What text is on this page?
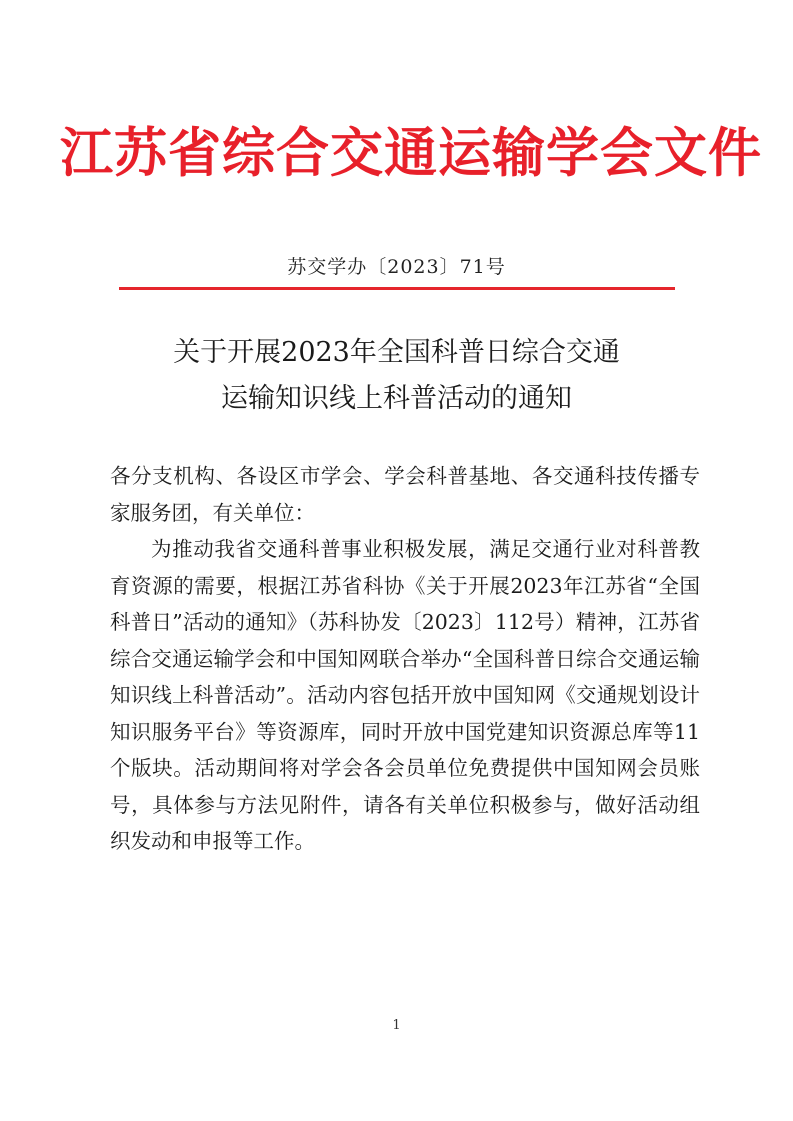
江苏省综合交通运输学会文件
苏交学办〔2023〕71号
关于开展2023年全国科普日综合交通
运输知识线上科普活动的通知

各分支机构、各设区市学会、学会科普基地、各交通科技传播专家服务团，有关单位：

为推动我省交通科普事业积极发展，满足交通行业对科普教育资源的需要，根据江苏省科协《关于开展2023年江苏省“全国科普日”活动的通知》（苏科协发〔2023〕112号）精神，江苏省综合交通运输学会和中国知网联合举办“全国科普日综合交通运输知识线上科普活动”。活动内容包括开放中国知网《交通规划设计知识服务平台》等资源库，同时开放中国党建知识资源总库等11个版块。活动期间将对学会各会员单位免费提供中国知网会员账号，具体参与方法见附件，请各有关单位积极参与，做好活动组织发动和申报等工作。

1
